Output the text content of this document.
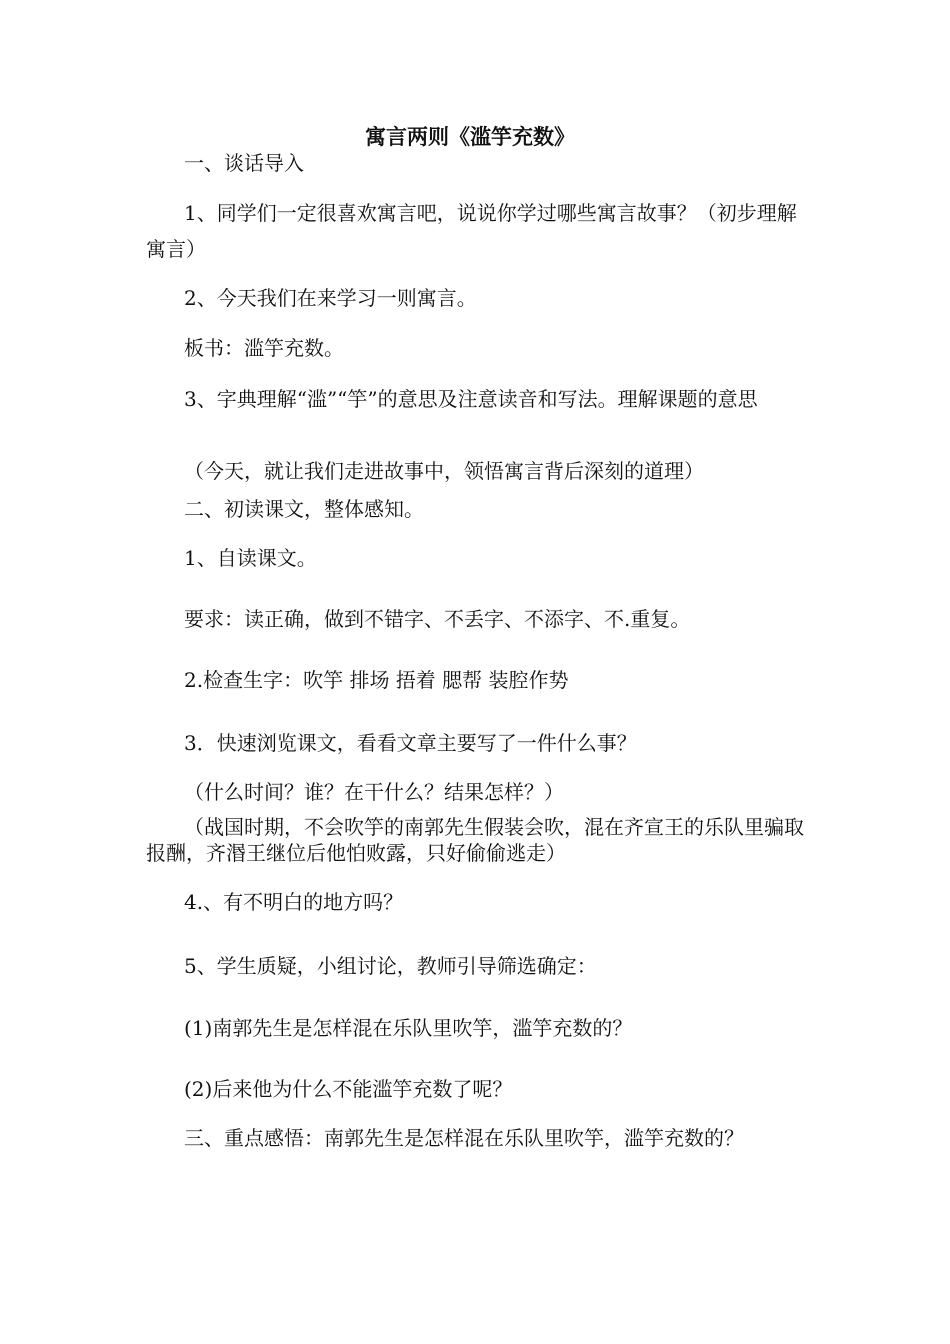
寓言两则《滥竽充数》

一、谈话导入

1、同学们一定很喜欢寓言吧，说说你学过哪些寓言故事？（初步理解寓言）

2、今天我们在来学习一则寓言。

板书：滥竽充数。

3、字典理解“滥”“竽”的意思及注意读音和写法。理解课题的意思

（今天，就让我们走进故事中，领悟寓言背后深刻的道理）

二、初读课文，整体感知。

1、自读课文。

要求：读正确，做到不错字、不丢字、不添字、不.重复。

2.检查生字：吹竽 排场 捂着 腮帮 装腔作势

3．快速浏览课文，看看文章主要写了一件什么事？

（什么时间？谁？在干什么？结果怎样？）

（战国时期，不会吹竽的南郭先生假装会吹，混在齐宣王的乐队里骗取报酬，齐湣王继位后他怕败露，只好偷偷逃走）

4.、有不明白的地方吗？

5、学生质疑，小组讨论，教师引导筛选确定：

(1)南郭先生是怎样混在乐队里吹竽，滥竽充数的？

(2)后来他为什么不能滥竽充数了呢？

三、重点感悟：南郭先生是怎样混在乐队里吹竽，滥竽充数的？
